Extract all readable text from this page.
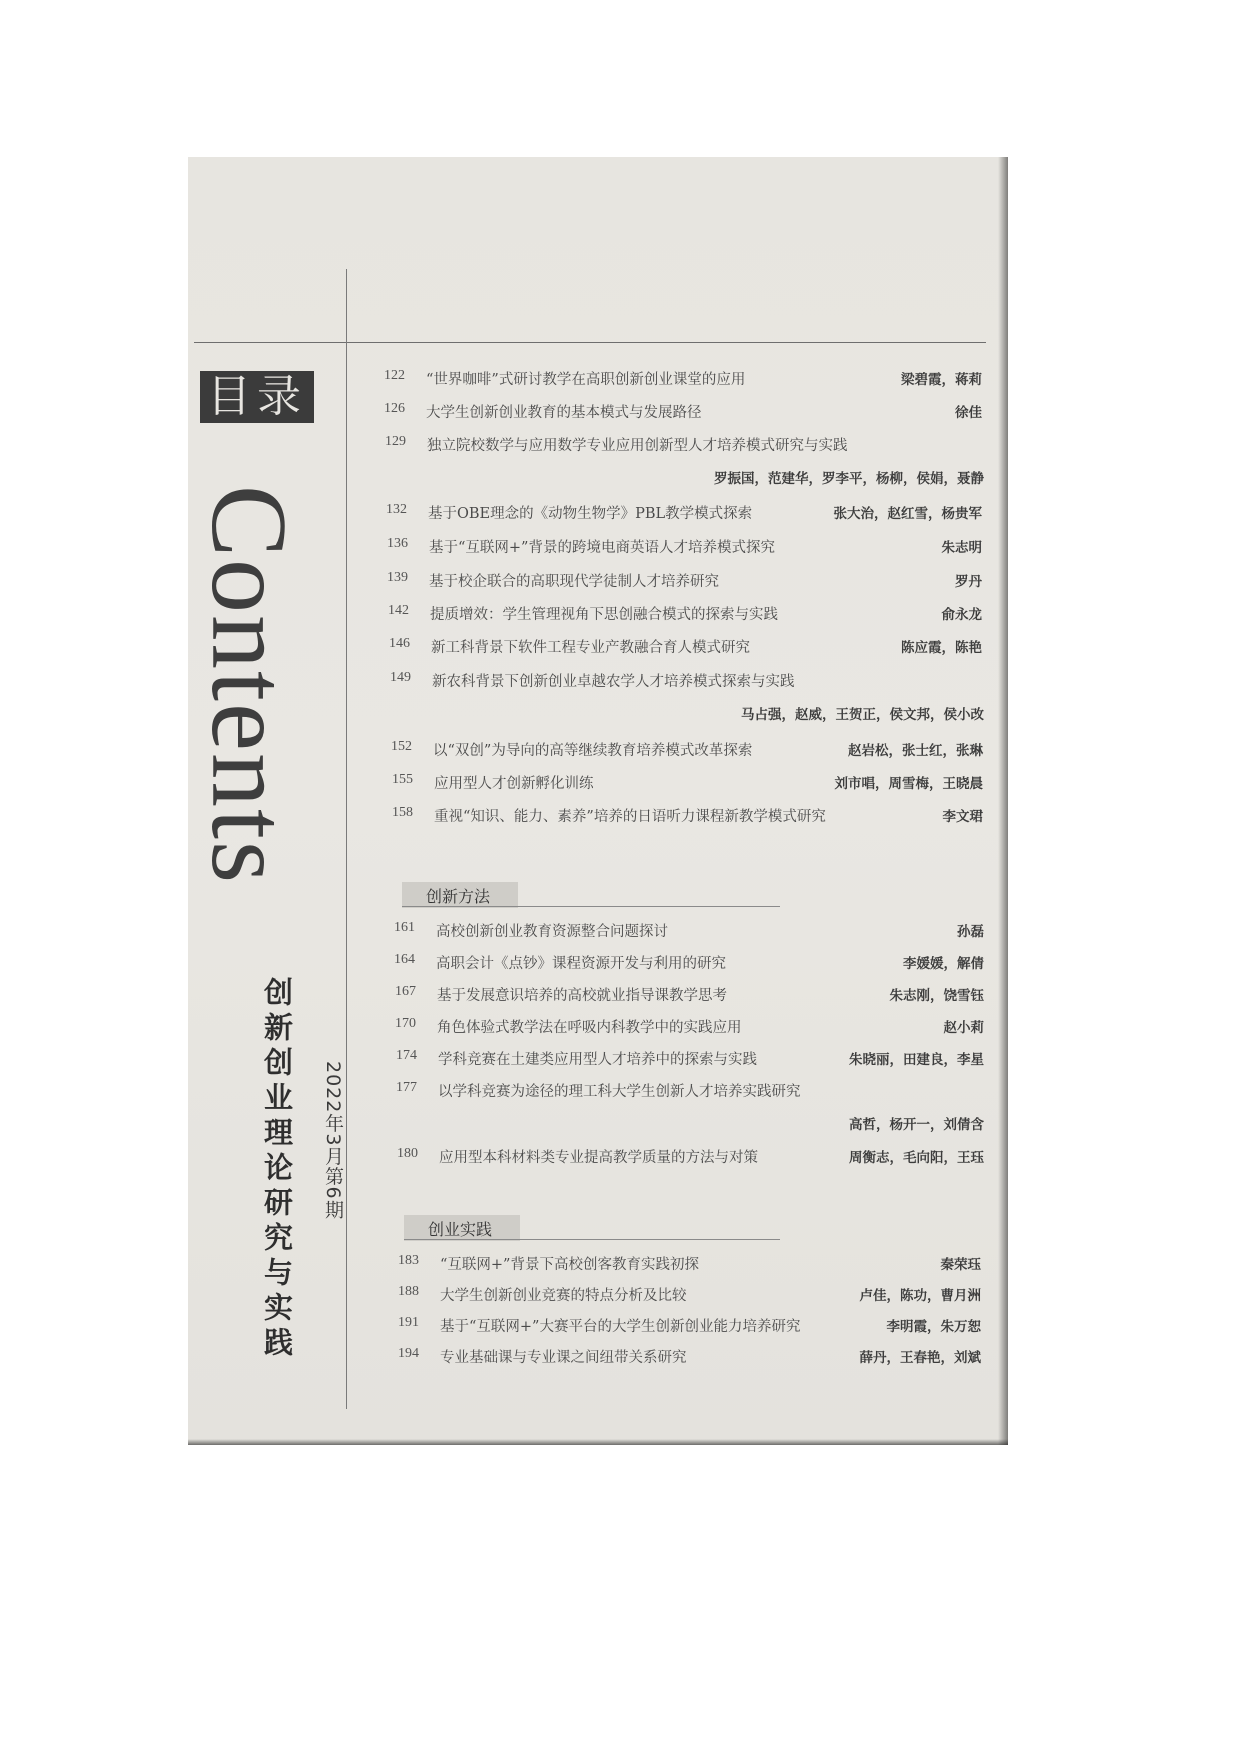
目录
Contents
创新创业理论研究与实践 2022年3月第6期
122	“世界咖啡”式研讨教学在高职创新创业课堂的应用	梁碧霞，蒋莉
126	大学生创新创业教育的基本模式与发展路径	徐佳
129	独立院校数学与应用数学专业应用创新型人才培养模式研究与实践
罗振国，范建华，罗李平，杨柳，侯娟，聂静
132	基于OBE理念的《动物生物学》PBL教学模式探索	张大治，赵红雪，杨贵军
136	基于“互联网+”背景的跨境电商英语人才培养模式探究	朱志明
139	基于校企联合的高职现代学徒制人才培养研究	罗丹
142	提质增效：学生管理视角下思创融合模式的探索与实践	俞永龙
146	新工科背景下软件工程专业产教融合育人模式研究	陈应霞，陈艳
149	新农科背景下创新创业卓越农学人才培养模式探索与实践
马占强，赵威，王贺正，侯文邦，侯小改
152	以“双创”为导向的高等继续教育培养模式改革探索	赵岩松，张士红，张琳
155	应用型人才创新孵化训练	刘市唱，周雪梅，王晓晨
158	重视“知识、能力、素养”培养的日语听力课程新教学模式研究	李文珺
创新方法
161	高校创新创业教育资源整合问题探讨	孙磊
164	高职会计《点钞》课程资源开发与利用的研究	李媛媛，解倩
167	基于发展意识培养的高校就业指导课教学思考	朱志刚，饶雪钰
170	角色体验式教学法在呼吸内科教学中的实践应用	赵小莉
174	学科竞赛在土建类应用型人才培养中的探索与实践	朱晓丽，田建良，李星
177	以学科竞赛为途径的理工科大学生创新人才培养实践研究
高哲，杨开一，刘倩含
180	应用型本科材料类专业提高教学质量的方法与对策	周衡志，毛向阳，王珏
创业实践
183	“互联网+”背景下高校创客教育实践初探	秦荣珏
188	大学生创新创业竞赛的特点分析及比较	卢佳，陈功，曹月洲
191	基于“互联网+”大赛平台的大学生创新创业能力培养研究	李明霞，朱万恕
194	专业基础课与专业课之间纽带关系研究	薛丹，王春艳，刘斌
